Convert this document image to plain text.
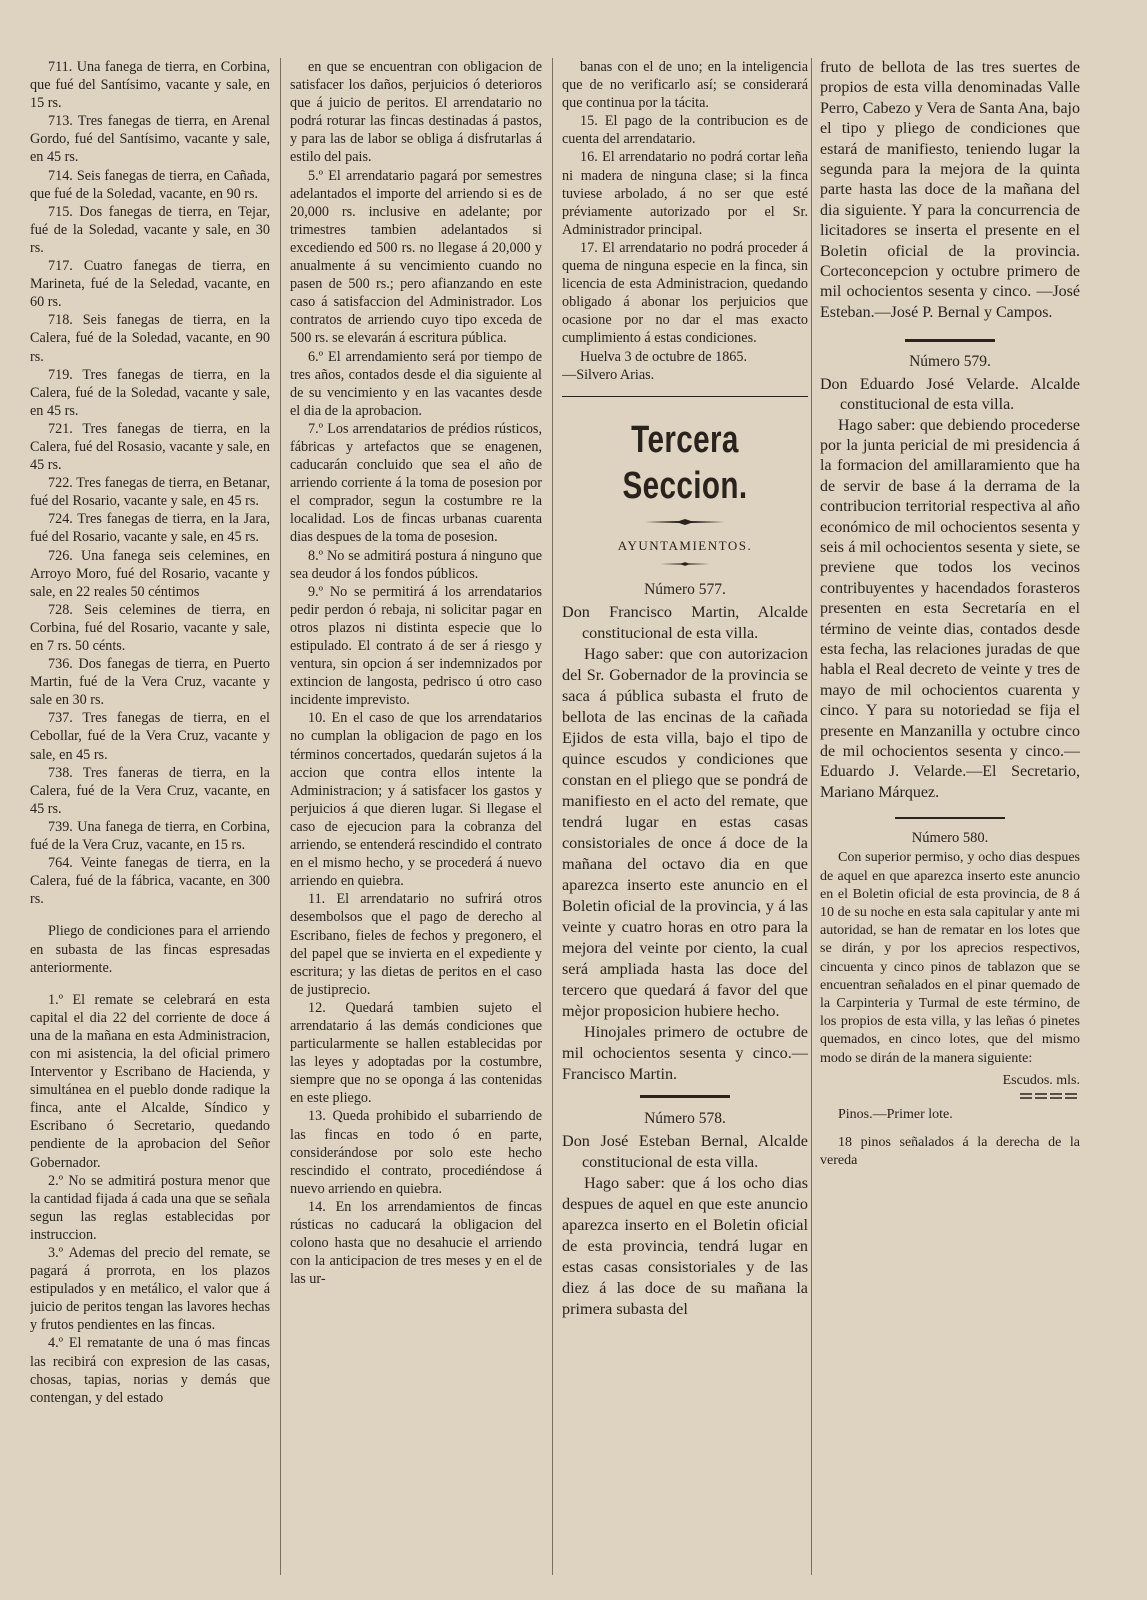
711. Una fanega de tierra, en Corbina, que fué del Santísimo, vacante y sale, en 15 rs.

713. Tres fanegas de tierra, en Arenal Gordo, fué del Santísimo, vacante y sale, en 45 rs.

714. Seis fanegas de tierra, en Cañada, que fué de la Soledad, vacante, en 90 rs.

715. Dos fanegas de tierra, en Tejar, fué de la Soledad, vacante y sale, en 30 rs.

717. Cuatro fanegas de tierra, en Marineta, fué de la Seledad, vacante, en 60 rs.

718. Seis fanegas de tierra, en la Calera, fué de la Soledad, vacante, en 90 rs.

719. Tres fanegas de tierra, en la Calera, fué de la Soledad, vacante y sale, en 45 rs.

721. Tres fanegas de tierra, en la Calera, fué del Rosasio, vacante y sale, en 45 rs.

722. Tres fanegas de tierra, en Betanar, fué del Rosario, vacante y sale, en 45 rs.

724. Tres fanegas de tierra, en la Jara, fué del Rosario, vacante y sale, en 45 rs.

726. Una fanega seis celemines, en Arroyo Moro, fué del Rosario, vacante y sale, en 22 reales 50 céntimos

728. Seis celemines de tierra, en Corbina, fué del Rosario, vacante y sale, en 7 rs. 50 cénts.

736. Dos fanegas de tierra, en Puerto Martin, fué de la Vera Cruz, vacante y sale en 30 rs.

737. Tres fanegas de tierra, en el Cebollar, fué de la Vera Cruz, vacante y sale, en 45 rs.

738. Tres faneras de tierra, en la Calera, fué de la Vera Cruz, vacante, en 45 rs.

739. Una fanega de tierra, en Corbina, fué de la Vera Cruz, vacante, en 15 rs.

764. Veinte fanegas de tierra, en la Calera, fué de la fábrica, vacante, en 300 rs.

Pliego de condiciones para el arriendo en subasta de las fincas espresadas anteriormente.

1.º El remate se celebrará en esta capital el dia 22 del corriente de doce á una de la mañana en esta Administracion, con mi asistencia, la del oficial primero Interventor y Escribano de Hacienda, y simultánea en el pueblo donde radique la finca, ante el Alcalde, Síndico y Escribano ó Secretario, quedando pendiente de la aprobacion del Señor Gobernador.

2.º No se admitirá postura menor que la cantidad fijada á cada una que se señala segun las reglas establecidas por instruccion.

3.º Ademas del precio del remate, se pagará á prorrota, en los plazos estipulados y en metálico, el valor que á juicio de peritos tengan las lavores hechas y frutos pendientes en las fincas.

4.º El rematante de una ó mas fincas las recibirá con expresion de las casas, chosas, tapias, norias y demás que contengan, y del estado

en que se encuentran con obligacion de satisfacer los daños, perjuicios ó deterioros que á juicio de peritos. El arrendatario no podrá roturar las fincas destinadas á pastos, y para las de labor se obliga á disfrutarlas á estilo del pais.

5.º El arrendatario pagará por semestres adelantados el importe del arriendo si es de 20,000 rs. inclusive en adelante; por trimestres tambien adelantados si excediendo ed 500 rs. no llegase á 20,000 y anualmente á su vencimiento cuando no pasen de 500 rs.; pero afianzando en este caso á satisfaccion del Administrador. Los contratos de arriendo cuyo tipo exceda de 500 rs. se elevarán á escritura pública.

6.º El arrendamiento será por tiempo de tres años, contados desde el dia siguiente al de su vencimiento y en las vacantes desde el dia de la aprobacion.

7.º Los arrendatarios de prédios rústicos, fábricas y artefactos que se enagenen, caducarán concluido que sea el año de arriendo corriente á la toma de posesion por el comprador, segun la costumbre re la localidad. Los de fincas urbanas cuarenta dias despues de la toma de posesion.

8.º No se admitirá postura á ninguno que sea deudor á los fondos públicos.

9.º No se permitirá á los arrendatarios pedir perdon ó rebaja, ni solicitar pagar en otros plazos ni distinta especie que lo estipulado. El contrato á de ser á riesgo y ventura, sin opcion á ser indemnizados por extincion de langosta, pedrisco ú otro caso incidente imprevisto.

10. En el caso de que los arrendatarios no cumplan la obligacion de pago en los términos concertados, quedarán sujetos á la accion que contra ellos intente la Administracion; y á satisfacer los gastos y perjuicios á que dieren lugar. Si llegase el caso de ejecucion para la cobranza del arriendo, se entenderá rescindido el contrato en el mismo hecho, y se procederá á nuevo arriendo en quiebra.

11. El arrendatario no sufrirá otros desembolsos que el pago de derecho al Escribano, fieles de fechos y pregonero, el del papel que se invierta en el expediente y escritura; y las dietas de peritos en el caso de justiprecio.

12. Quedará tambien sujeto el arrendatario á las demás condiciones que particularmente se hallen establecidas por las leyes y adoptadas por la costumbre, siempre que no se oponga á las contenidas en este pliego.

13. Queda prohibido el subarriendo de las fincas en todo ó en parte, considerándose por solo este hecho rescindido el contrato, procediéndose á nuevo arriendo en quiebra.

14. En los arrendamientos de fincas rústicas no caducará la obligacion del colono hasta que no desahucie el arriendo con la anticipacion de tres meses y en el de las ur-

banas con el de uno; en la inteligencia que de no verificarlo así; se considerará que continua por la tácita.

15. El pago de la contribucion es de cuenta del arrendatario.

16. El arrendatario no podrá cortar leña ni madera de ninguna clase; si la finca tuviese arbolado, á no ser que esté préviamente autorizado por el Sr. Administrador principal.

17. El arrendatario no podrá proceder á quema de ninguna especie en la finca, sin licencia de esta Administracion, quedando obligado á abonar los perjuicios que ocasione por no dar el mas exacto cumplimiento á estas condiciones.

Huelva 3 de octubre de 1865.

—Silvero Arias.

Tercera Seccion.
AYUNTAMIENTOS.
Número 577.

Don Francisco Martin, Alcalde constitucional de esta villa.

Hago saber: que con autorizacion del Sr. Gobernador de la provincia se saca á pública subasta el fruto de bellota de las encinas de la cañada Ejidos de esta villa, bajo el tipo de quince escudos y condiciones que constan en el pliego que se pondrá de manifiesto en el acto del remate, que tendrá lugar en estas casas consistoriales de once á doce de la mañana del octavo dia en que aparezca inserto este anuncio en el Boletin oficial de la provincia, y á las veinte y cuatro horas en otro para la mejora del veinte por ciento, la cual será ampliada hasta las doce del tercero que quedará á favor del que mèjor proposicion hubiere hecho.

Hinojales primero de octubre de mil ochocientos sesenta y cinco.—Francisco Martin.

Número 578.

Don José Esteban Bernal, Alcalde constitucional de esta villa.

Hago saber: que á los ocho dias despues de aquel en que este anuncio aparezca inserto en el Boletin oficial de esta provincia, tendrá lugar en estas casas consistoriales y de las diez á las doce de su mañana la primera subasta del

fruto de bellota de las tres suertes de propios de esta villa denominadas Valle Perro, Cabezo y Vera de Santa Ana, bajo el tipo y pliego de condiciones que estará de manifiesto, teniendo lugar la segunda para la mejora de la quinta parte hasta las doce de la mañana del dia siguiente. Y para la concurrencia de licitadores se inserta el presente en el Boletin oficial de la provincia. Corteconcepcion y octubre primero de mil ochocientos sesenta y cinco. —José Esteban.—José P. Bernal y Campos.

Número 579.

Don Eduardo José Velarde. Alcalde constitucional de esta villa.

Hago saber: que debiendo procederse por la junta pericial de mi presidencia á la formacion del amillaramiento que ha de servir de base á la derrama de la contribucion territorial respectiva al año económico de mil ochocientos sesenta y seis á mil ochocientos sesenta y siete, se previene que todos los vecinos contribuyentes y hacendados forasteros presenten en esta Secretaría en el término de veinte dias, contados desde esta fecha, las relaciones juradas de que habla el Real decreto de veinte y tres de mayo de mil ochocientos cuarenta y cinco. Y para su notoriedad se fija el presente en Manzanilla y octubre cinco de mil ochocientos sesenta y cinco.—Eduardo J. Velarde.—El Secretario, Mariano Márquez.

Número 580.

Con superior permiso, y ocho dias despues de aquel en que aparezca inserto este anuncio en el Boletin oficial de esta provincia, de 8 á 10 de su noche en esta sala capitular y ante mi autoridad, se han de rematar en los lotes que se dirán, y por los aprecios respectivos, cincuenta y cinco pinos de tablazon que se encuentran señalados en el pinar quemado de la Carpinteria y Turmal de este término, de los propios de esta villa, y las leñas ó pinetes quemados, en cinco lotes, que del mismo modo se dirán de la manera siguiente:

Escudos. mls.

Pinos.—Primer lote.

18 pinos señalados á la derecha de la vereda
